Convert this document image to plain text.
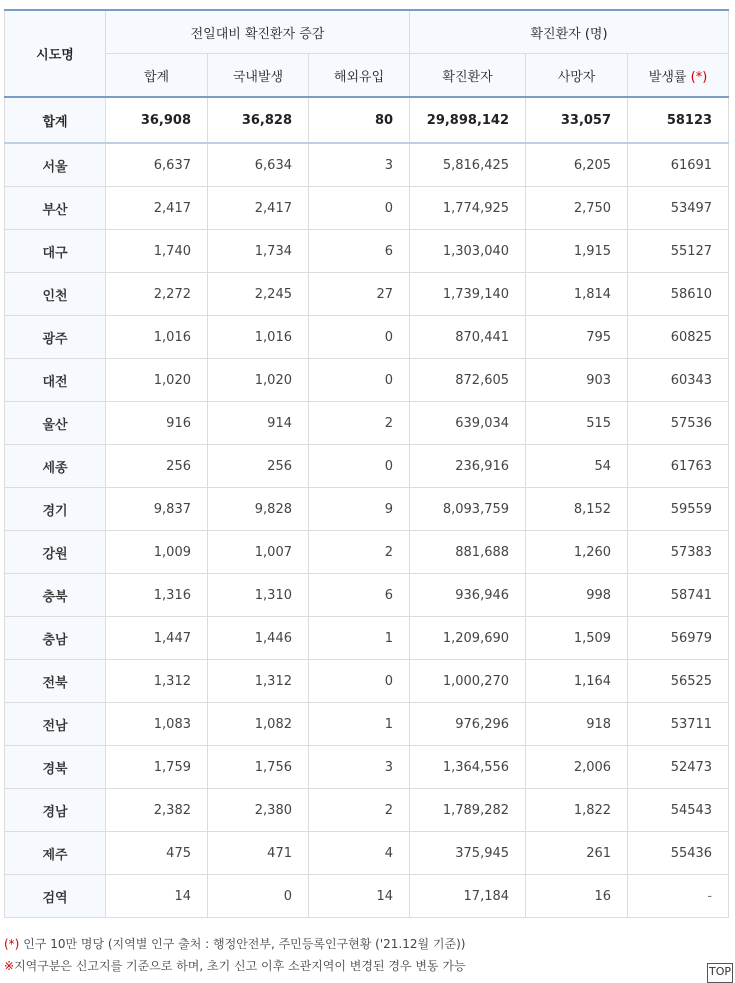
시도명	전일대비 확진환자 증감			확진환자 (명)		
	합계	국내발생	해외유입	확진환자	사망자	발생률 (*)
합계	36,908	36,828	80	29,898,142	33,057	58123
서울	6,637	6,634	3	5,816,425	6,205	61691
부산	2,417	2,417	0	1,774,925	2,750	53497
대구	1,740	1,734	6	1,303,040	1,915	55127
인천	2,272	2,245	27	1,739,140	1,814	58610
광주	1,016	1,016	0	870,441	795	60825
대전	1,020	1,020	0	872,605	903	60343
울산	916	914	2	639,034	515	57536
세종	256	256	0	236,916	54	61763
경기	9,837	9,828	9	8,093,759	8,152	59559
강원	1,009	1,007	2	881,688	1,260	57383
충북	1,316	1,310	6	936,946	998	58741
충남	1,447	1,446	1	1,209,690	1,509	56979
전북	1,312	1,312	0	1,000,270	1,164	56525
전남	1,083	1,082	1	976,296	918	53711
경북	1,759	1,756	3	1,364,556	2,006	52473
경남	2,382	2,380	2	1,789,282	1,822	54543
제주	475	471	4	375,945	261	55436
검역	14	0	14	17,184	16	-
(*) 인구 10만 명당 (지역별 인구 출처 : 행정안전부, 주민등록인구현황 ('21.12월 기준))
※지역구분은 신고지를 기준으로 하며, 초기 신고 이후 소관지역이 변경된 경우 변동 가능	TOP
